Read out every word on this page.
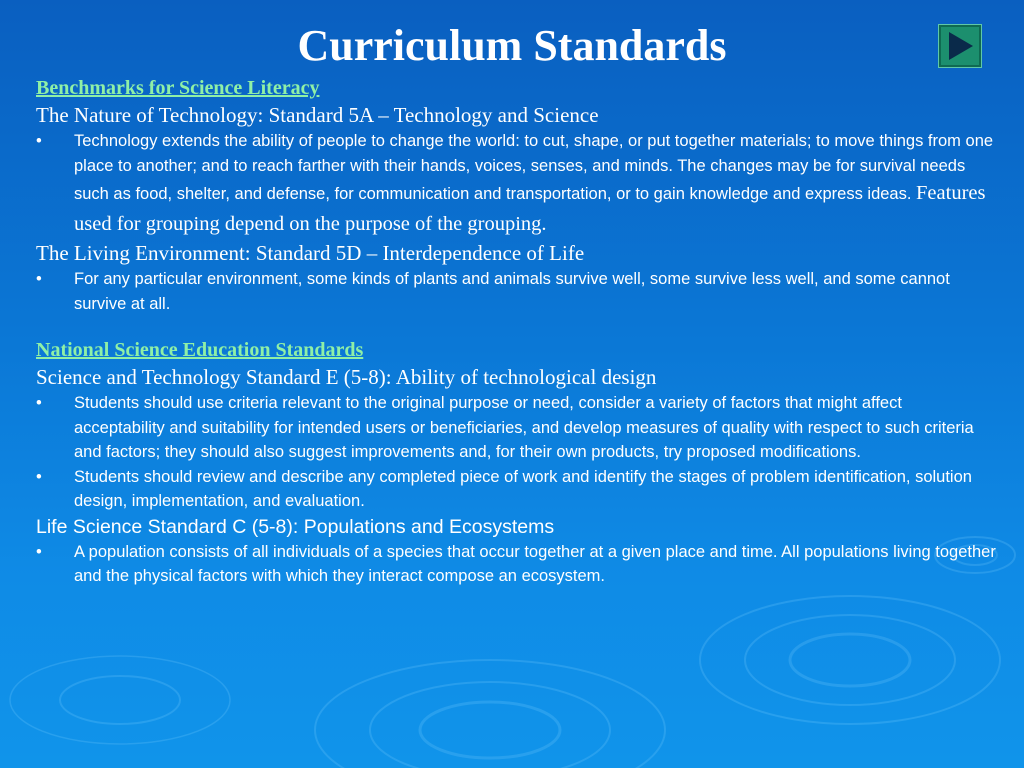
Curriculum Standards
Benchmarks for Science Literacy
The Nature of Technology: Standard 5A – Technology and Science
• Technology extends the ability of people to change the world: to cut, shape, or put together materials; to move things from one place to another; and to reach farther with their hands, voices, senses, and minds. The changes may be for survival needs such as food, shelter, and defense, for communication and transportation, or to gain knowledge and express ideas. Features used for grouping depend on the purpose of the grouping.
The Living Environment: Standard 5D – Interdependence of Life
• For any particular environment, some kinds of plants and animals survive well, some survive less well, and some cannot survive at all.
National Science Education Standards
Science and Technology Standard E (5-8): Ability of technological design
• Students should use criteria relevant to the original purpose or need, consider a variety of factors that might affect acceptability and suitability for intended users or beneficiaries, and develop measures of quality with respect to such criteria and factors; they should also suggest improvements and, for their own products, try proposed modifications.
• Students should review and describe any completed piece of work and identify the stages of problem identification, solution design, implementation, and evaluation.
Life Science Standard C (5-8): Populations and Ecosystems
• A population consists of all individuals of a species that occur together at a given place and time. All populations living together and the physical factors with which they interact compose an ecosystem.
